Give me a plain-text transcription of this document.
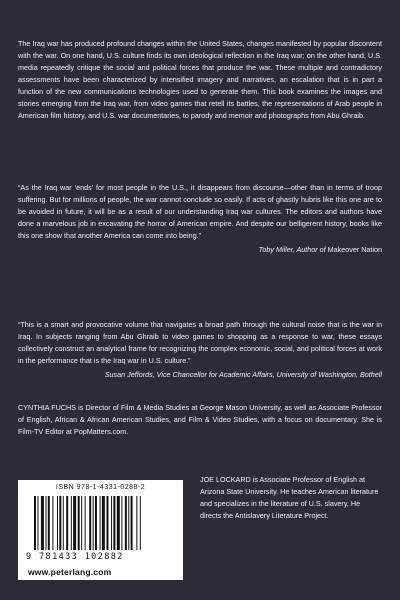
The Iraq war has produced profound changes within the United States, changes manifested by popular discontent with the war. On one hand, U.S. culture finds its own ideological reflection in the Iraq war; on the other hand, U.S. media repeatedly critique the social and political forces that produce the war. These multiple and contradictory assessments have been characterized by intensified imagery and narratives, an escalation that is in part a function of the new communications technologies used to generate them. This book examines the images and stories emerging from the Iraq war, from video games that retell its battles, the representations of Arab people in American film history, and U.S. war documentaries, to parody and memoir and photographs from Abu Ghraib.

“As the Iraq war ‘ends’ for most people in the U.S., it disappears from discourse—other than in terms of troop suffering. But for millions of people, the war cannot conclude so easily. If acts of ghastly hubris like this one are to be avoided in future, it will be as a result of our understanding Iraq war cultures. The editors and authors have done a marvelous job in excavating the horror of American empire. And despite our belligerent history, books like this one show that another America can come into being.”

Toby Miller, Author of Makeover Nation

“This is a smart and provocative volume that navigates a broad path through the cultural noise that is the war in Iraq. In subjects ranging from Abu Ghraib to video games to shopping as a response to war, these essays collectively construct an analytical frame for recognizing the complex economic, social, and political forces at work in the performance that is the Iraq war in U.S. culture.”

Susan Jeffords, Vice Chancellor for Academic Affairs, University of Washington, Bothell

CYNTHIA FUCHS is Director of Film & Media Studies at George Mason University, as well as Associate Professor of English, African & African American Studies, and Film & Video Studies, with a focus on documentary. She is Film-TV Editor at PopMatters.com.

JOE LOCKARD is Associate Professor of English at Arizona State University. He teaches American literature and specializes in the literature of U.S. slavery. He directs the Antislavery Literature Project.

ISBN 978-1-4331-0288-2
9 781433 102882
www.peterlang.com
